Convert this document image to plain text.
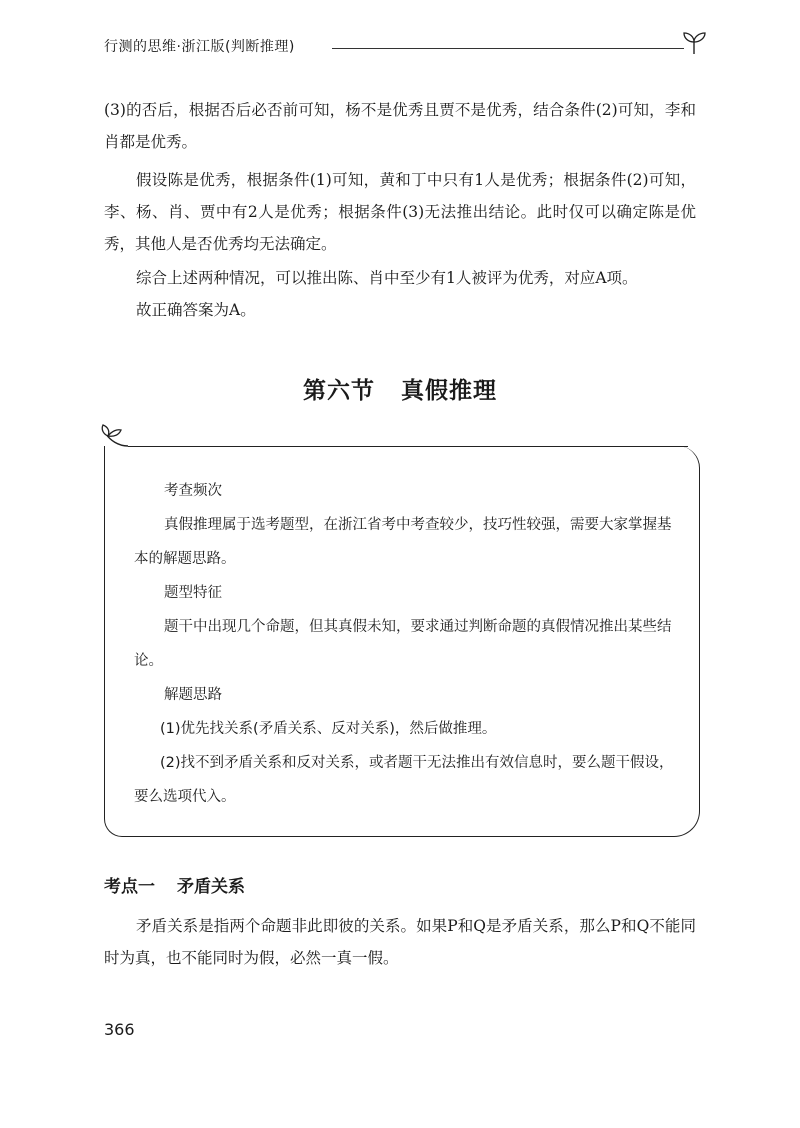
行测的思维·浙江版(判断推理)

(3)的否后，根据否后必否前可知，杨不是优秀且贾不是优秀，结合条件(2)可知，李和肖都是优秀。

假设陈是优秀，根据条件(1)可知，黄和丁中只有1人是优秀；根据条件(2)可知，李、杨、肖、贾中有2人是优秀；根据条件(3)无法推出结论。此时仅可以确定陈是优秀，其他人是否优秀均无法确定。

综合上述两种情况，可以推出陈、肖中至少有1人被评为优秀，对应A项。

故正确答案为A。

第六节 真假推理

考查频次

真假推理属于选考题型，在浙江省考中考查较少，技巧性较强，需要大家掌握基本的解题思路。

题型特征

题干中出现几个命题，但其真假未知，要求通过判断命题的真假情况推出某些结论。

解题思路

(1)优先找关系(矛盾关系、反对关系)，然后做推理。

(2)找不到矛盾关系和反对关系，或者题干无法推出有效信息时，要么题干假设，要么选项代入。

考点一 矛盾关系

矛盾关系是指两个命题非此即彼的关系。如果P和Q是矛盾关系，那么P和Q不能同时为真，也不能同时为假，必然一真一假。

366
